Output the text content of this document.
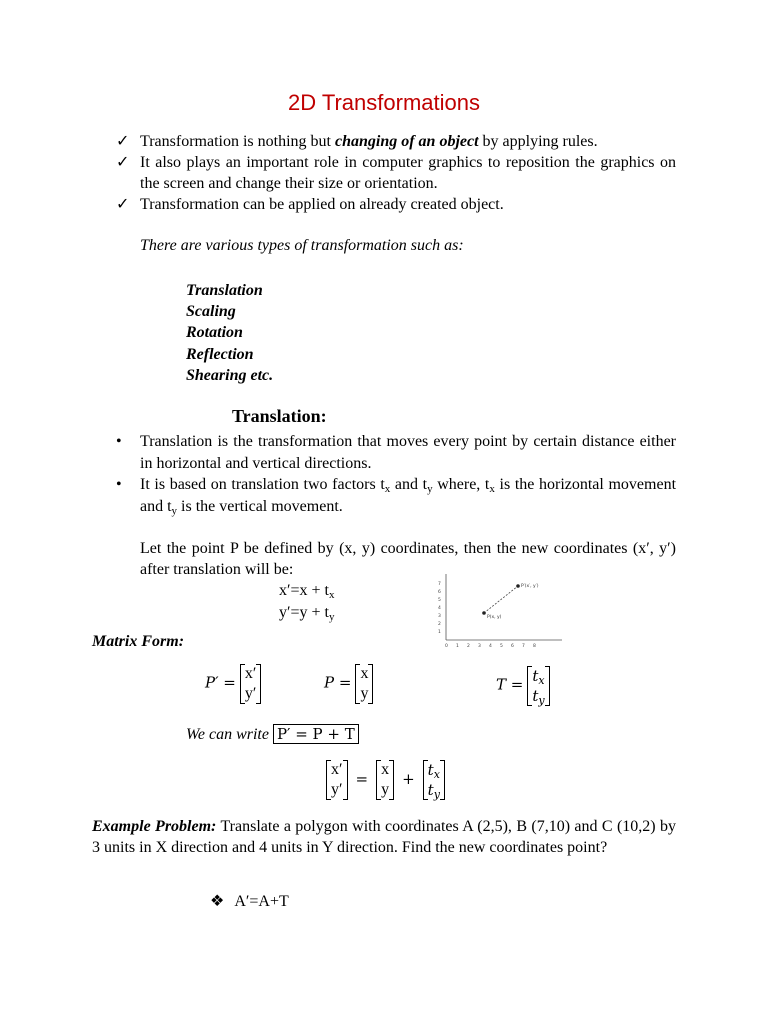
2D Transformations
✓ Transformation is nothing but changing of an object by applying rules.
✓ It also plays an important role in computer graphics to reposition the graphics on the screen and change their size or orientation.
✓ Transformation can be applied on already created object.
There are various types of transformation such as:
Translation
Scaling
Rotation
Reflection
Shearing etc.
Translation:
• Translation is the transformation that moves every point by certain distance either in horizontal and vertical directions.
• It is based on translation two factors $t_x$ and $t_y$ where, $t_x$ is the horizontal movement and $t_y$ is the vertical movement.
Let the point P be defined by (x, y) coordinates, then the new coordinates (x′, y′) after translation will be:
$x'=x + t_x$
$y'=y + t_y$
0 1 2 3 4 5 6 7 8
1
2
3
4
5
6
7
P(x, y)
P′(x′, y′)
Matrix Form:
P′ =
x′
y′
P =
x
y	$T = t_x$
$t_y$
We can write P′ = P + T
x′
y′
=
x
y
+ $t_x$
$t_y$
Example Problem: Translate a polygon with coordinates A (2,5), B (7,10) and C (10,2) by 3 units in X direction and 4 units in Y direction. Find the new coordinates point?
❖ A′=A+T
